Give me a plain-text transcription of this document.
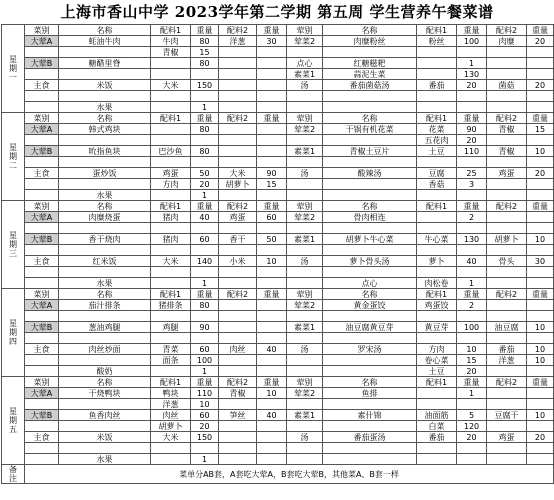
上海市香山中学 2023学年第二学期 第五周 学生营养午餐菜谱
星
期
一	菜别	名称	配料1	重量	配料2	重量	荤别	名称	配料1	重量	配料2	重量
	大荤A	蚝油牛肉	牛肉	80	洋葱	30	荤菜2	肉糜粉丝	粉丝	100	肉糜	20
			青椒	15								
	大荤B	糖醋里脊		80			点心	红糖糍粑		1		
							素菜1	蒜泥生菜		130		
	主食	米饭	大米	150			汤	番茄菌菇汤	番茄	20	菌菇	20

		水果		1								

星
期
二	菜别	名称	配料1	重量	配料2	重量	荤别	名称	配料1	重量	配料2	重量
	大荤A	韩式鸡块		80			荤菜2	干锅有机花菜	花菜	90	青椒	15
									五花肉	20		
	大荤B	吮指鱼块	巴沙鱼	80			素菜1	青椒土豆片	土豆	110	青椒	10

	主食	蛋炒饭	鸡蛋	50	大米	90	汤	酸辣汤	豆腐	25	鸡蛋	20
			方肉	20	胡萝卜	15			香菇	3		
		水果		1								

星
期
三	菜别	名称	配料1	重量	配料2	重量	荤别	名称	配料1	重量	配料2	重量
	大荤A	肉糜烧蛋	猪肉	40	鸡蛋	60	荤菜2	骨肉相连		2		

	大荤B	香干烧肉	猪肉	60	香干	50	素菜1	胡萝卜牛心菜	牛心菜	130	胡萝卜	10

	主食	红米饭	大米	140	小米	10	汤	萝卜骨头汤	萝卜	40	骨头	30

		水果		1				点心	肉松卷	1		

星
期
四	菜别	名称	配料1	重量	配料2	重量	荤别	名称	配料1	重量	配料2	重量
	大荤A	茄汁排条	猪排条	80			荤菜2	黄金蛋饺	鸡蛋饺	2		

	大荤B	葱油鸡腿	鸡腿	90			素菜1	油豆腐黄豆芽	黄豆芽	100	油豆腐	10

	主食	肉丝炒面	青菜	60	肉丝	40	汤	罗宋汤	方肉	10	番茄	10
			面条	100					卷心菜	15	洋葱	10
		酸奶		1					土豆	20		

星
期
五	菜别	名称	配料1	重量	配料2	重量	荤别	名称	配料1	重量	配料2	重量
	大荤A	干烧鸭块	鸭块	110	青椒	10	荤菜2	鱼排		1		
			洋葱	10								
	大荤B	鱼香肉丝	肉丝	60	笋丝	40	素菜1	素什锦	油面筋	5	豆腐干	10
			胡萝卜	20					白菜	120		
	主食	米饭	大米	150			汤	番茄蛋汤	番茄	20	鸡蛋	20

		水果		1								

备
注	菜单分AB套，A套吃大荤A，B套吃大荤B，其他菜A、B套一样											
